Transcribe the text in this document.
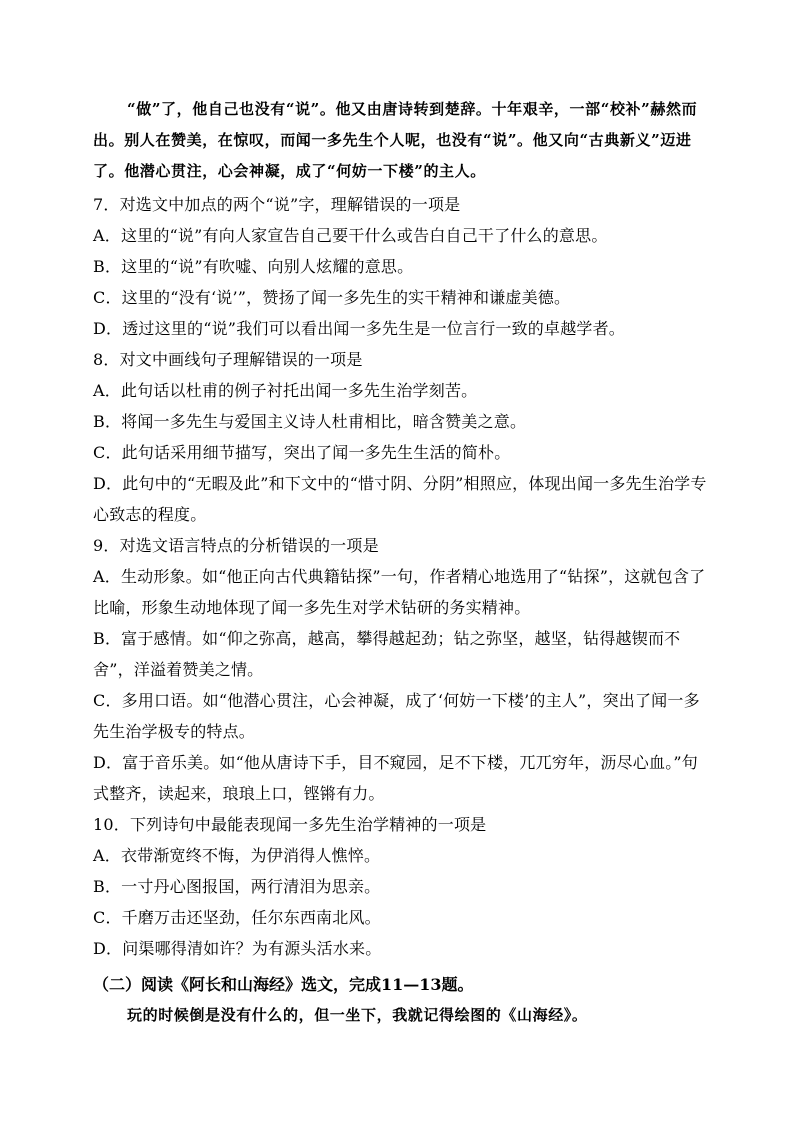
“做”了，他自己也没有“说”。他又由唐诗转到楚辞。十年艰辛，一部“校补”赫然而出。别人在赞美，在惊叹，而闻一多先生个人呢，也没有“说”。他又向“古典新义”迈进了。他潜心贯注，心会神凝，成了“何妨一下楼”的主人。

7．对选文中加点的两个“说”字，理解错误的一项是

A．这里的“说”有向人家宣告自己要干什么或告白自己干了什么的意思。

B．这里的“说”有吹嘘、向别人炫耀的意思。

C．这里的“没有‘说’”，赞扬了闻一多先生的实干精神和谦虚美德。

D．透过这里的“说”我们可以看出闻一多先生是一位言行一致的卓越学者。

8．对文中画线句子理解错误的一项是

A．此句话以杜甫的例子衬托出闻一多先生治学刻苦。

B．将闻一多先生与爱国主义诗人杜甫相比，暗含赞美之意。

C．此句话采用细节描写，突出了闻一多先生生活的简朴。

D．此句中的“无暇及此”和下文中的“惜寸阴、分阴”相照应，体现出闻一多先生治学专心致志的程度。

9．对选文语言特点的分析错误的一项是

A．生动形象。如“他正向古代典籍钻探”一句，作者精心地选用了“钻探”，这就包含了比喻，形象生动地体现了闻一多先生对学术钻研的务实精神。

B．富于感情。如“仰之弥高，越高，攀得越起劲；钻之弥坚，越坚，钻得越锲而不舍”，洋溢着赞美之情。

C．多用口语。如“他潜心贯注，心会神凝，成了‘何妨一下楼’的主人”，突出了闻一多先生治学极专的特点。

D．富于音乐美。如“他从唐诗下手，目不窥园，足不下楼，兀兀穷年，沥尽心血。”句式整齐，读起来，琅琅上口，铿锵有力。

10．下列诗句中最能表现闻一多先生治学精神的一项是

A．衣带渐宽终不悔，为伊消得人憔悴。

B．一寸丹心图报国，两行清泪为思亲。

C．千磨万击还坚劲，任尔东西南北风。

D．问渠哪得清如许？为有源头活水来。

（二）阅读《阿长和山海经》选文，完成11—13题。

玩的时候倒是没有什么的，但一坐下，我就记得绘图的《山海经》。
